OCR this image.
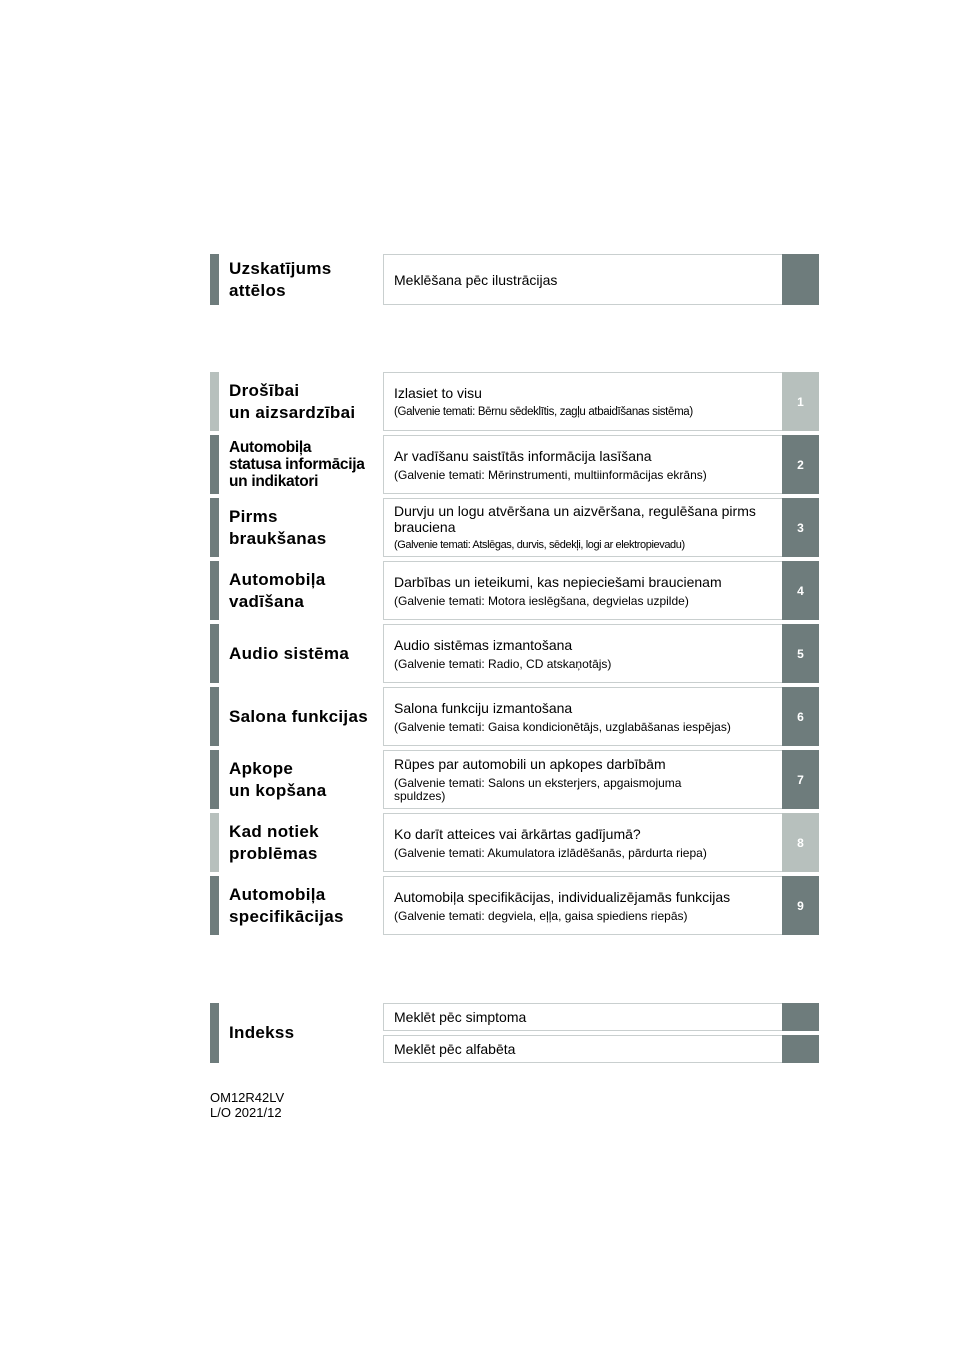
Uzskatījums
attēlos
Meklēšana pēc ilustrācijas
Drošībai
un aizsardzībai
Izlasiet to visu
(Galvenie temati: Bērnu sēdeklītis, zagļu atbaidīšanas sistēma)
1
Automobiļa
statusa informācija
un indikatori
Ar vadīšanu saistītās informācija lasīšana
(Galvenie temati: Mērinstrumenti, multiinformācijas ekrāns)
2
Pirms
braukšanas
Durvju un logu atvēršana un aizvēršana, regulēšana pirms brauciena
(Galvenie temati: Atslēgas, durvis, sēdekļi, logi ar elektropievadu)
3
Automobiļa
vadīšana
Darbības un ieteikumi, kas nepieciešami braucienam
(Galvenie temati: Motora ieslēgšana, degvielas uzpilde)
4
Audio sistēma	Audio sistēmas izmantošana
(Galvenie temati: Radio, CD atskaņotājs)
5
Salona funkcijas	Salona funkciju izmantošana
(Galvenie temati: Gaisa kondicionētājs, uzglabāšanas iespējas)
6
Apkope
un kopšana
Rūpes par automobili un apkopes darbībām
(Galvenie temati: Salons un eksterjers, apgaismojuma spuldzes)
7
Kad notiek
problēmas
Ko darīt atteices vai ārkārtas gadījumā?
(Galvenie temati: Akumulatora izlādēšanās, pārdurta riepa)
8
Automobiļa
specifikācijas
Automobiļa specifikācijas, individualizējamās funkcijas
(Galvenie temati: degviela, eļļa, gaisa spiediens riepās)
9
Indekss
Meklēt pēc simptoma
Meklēt pēc alfabēta
OM12R42LV
L/O 2021/12
